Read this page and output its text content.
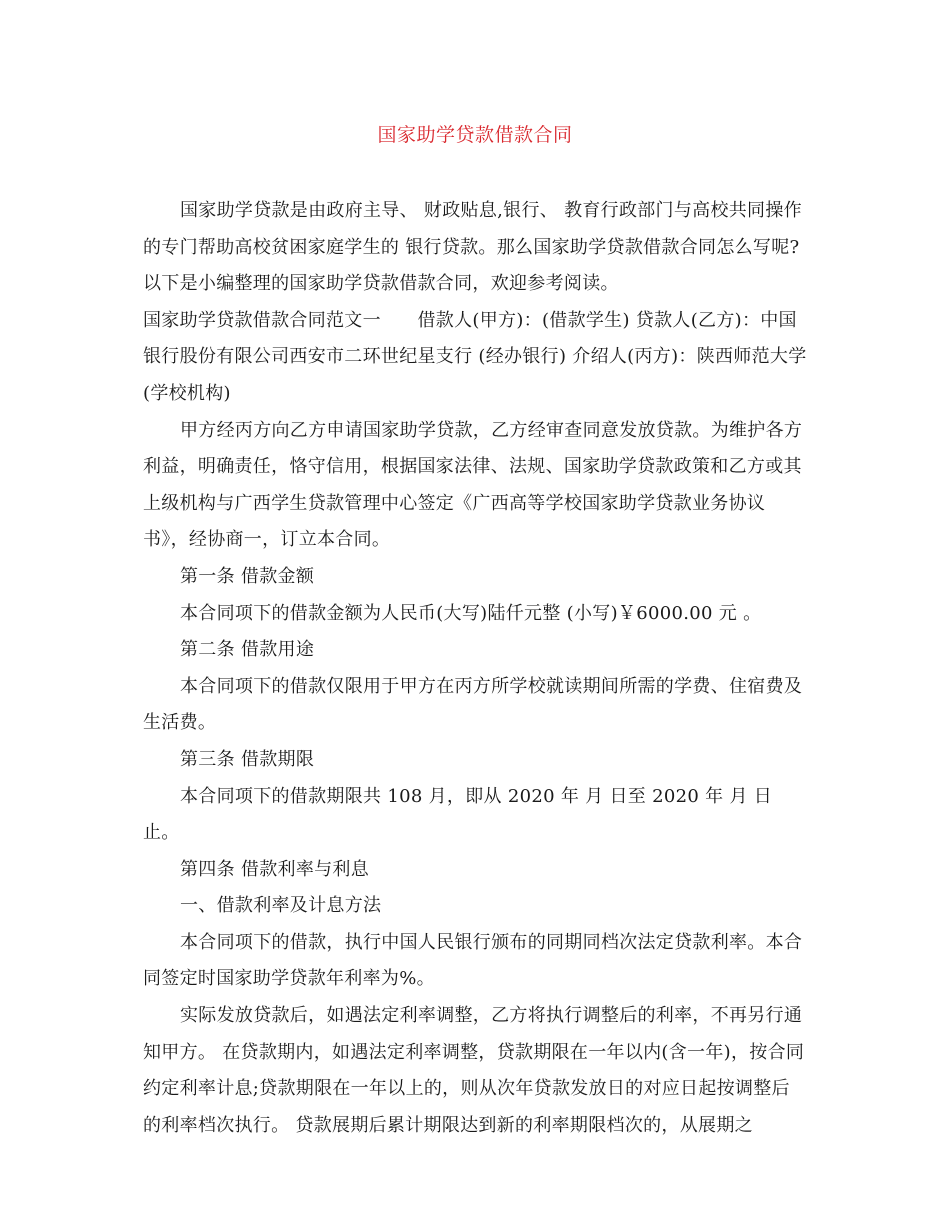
国家助学贷款借款合同

国家助学贷款是由政府主导、 财政贴息,银行、 教育行政部门与高校共同操作的专门帮助高校贫困家庭学生的 银行贷款。那么国家助学贷款借款合同怎么写呢?以下是小编整理的国家助学贷款借款合同，欢迎参考阅读。

国家助学贷款借款合同范文一　　借款人(甲方)：(借款学生) 贷款人(乙方)：中国银行股份有限公司西安市二环世纪星支行 (经办银行) 介绍人(丙方)：陕西师范大学 (学校机构)

甲方经丙方向乙方申请国家助学贷款，乙方经审查同意发放贷款。为维护各方利益，明确责任，恪守信用，根据国家法律、法规、国家助学贷款政策和乙方或其上级机构与广西学生贷款管理中心签定《广西高等学校国家助学贷款业务协议书》，经协商一，订立本合同。

第一条 借款金额

本合同项下的借款金额为人民币(大写)陆仟元整 (小写)￥6000.00 元 。

第二条 借款用途

本合同项下的借款仅限用于甲方在丙方所学校就读期间所需的学费、住宿费及生活费。

第三条 借款期限

本合同项下的借款期限共 108 月，即从 2020 年 月 日至 2020 年 月 日止。

第四条 借款利率与利息

一、借款利率及计息方法

本合同项下的借款，执行中国人民银行颁布的同期同档次法定贷款利率。本合同签定时国家助学贷款年利率为%。

实际发放贷款后，如遇法定利率调整，乙方将执行调整后的利率，不再另行通知甲方。 在贷款期内，如遇法定利率调整，贷款期限在一年以内(含一年)，按合同约定利率计息;贷款期限在一年以上的，则从次年贷款发放日的对应日起按调整后的利率档次执行。 贷款展期后累计期限达到新的利率期限档次的，从展期之
